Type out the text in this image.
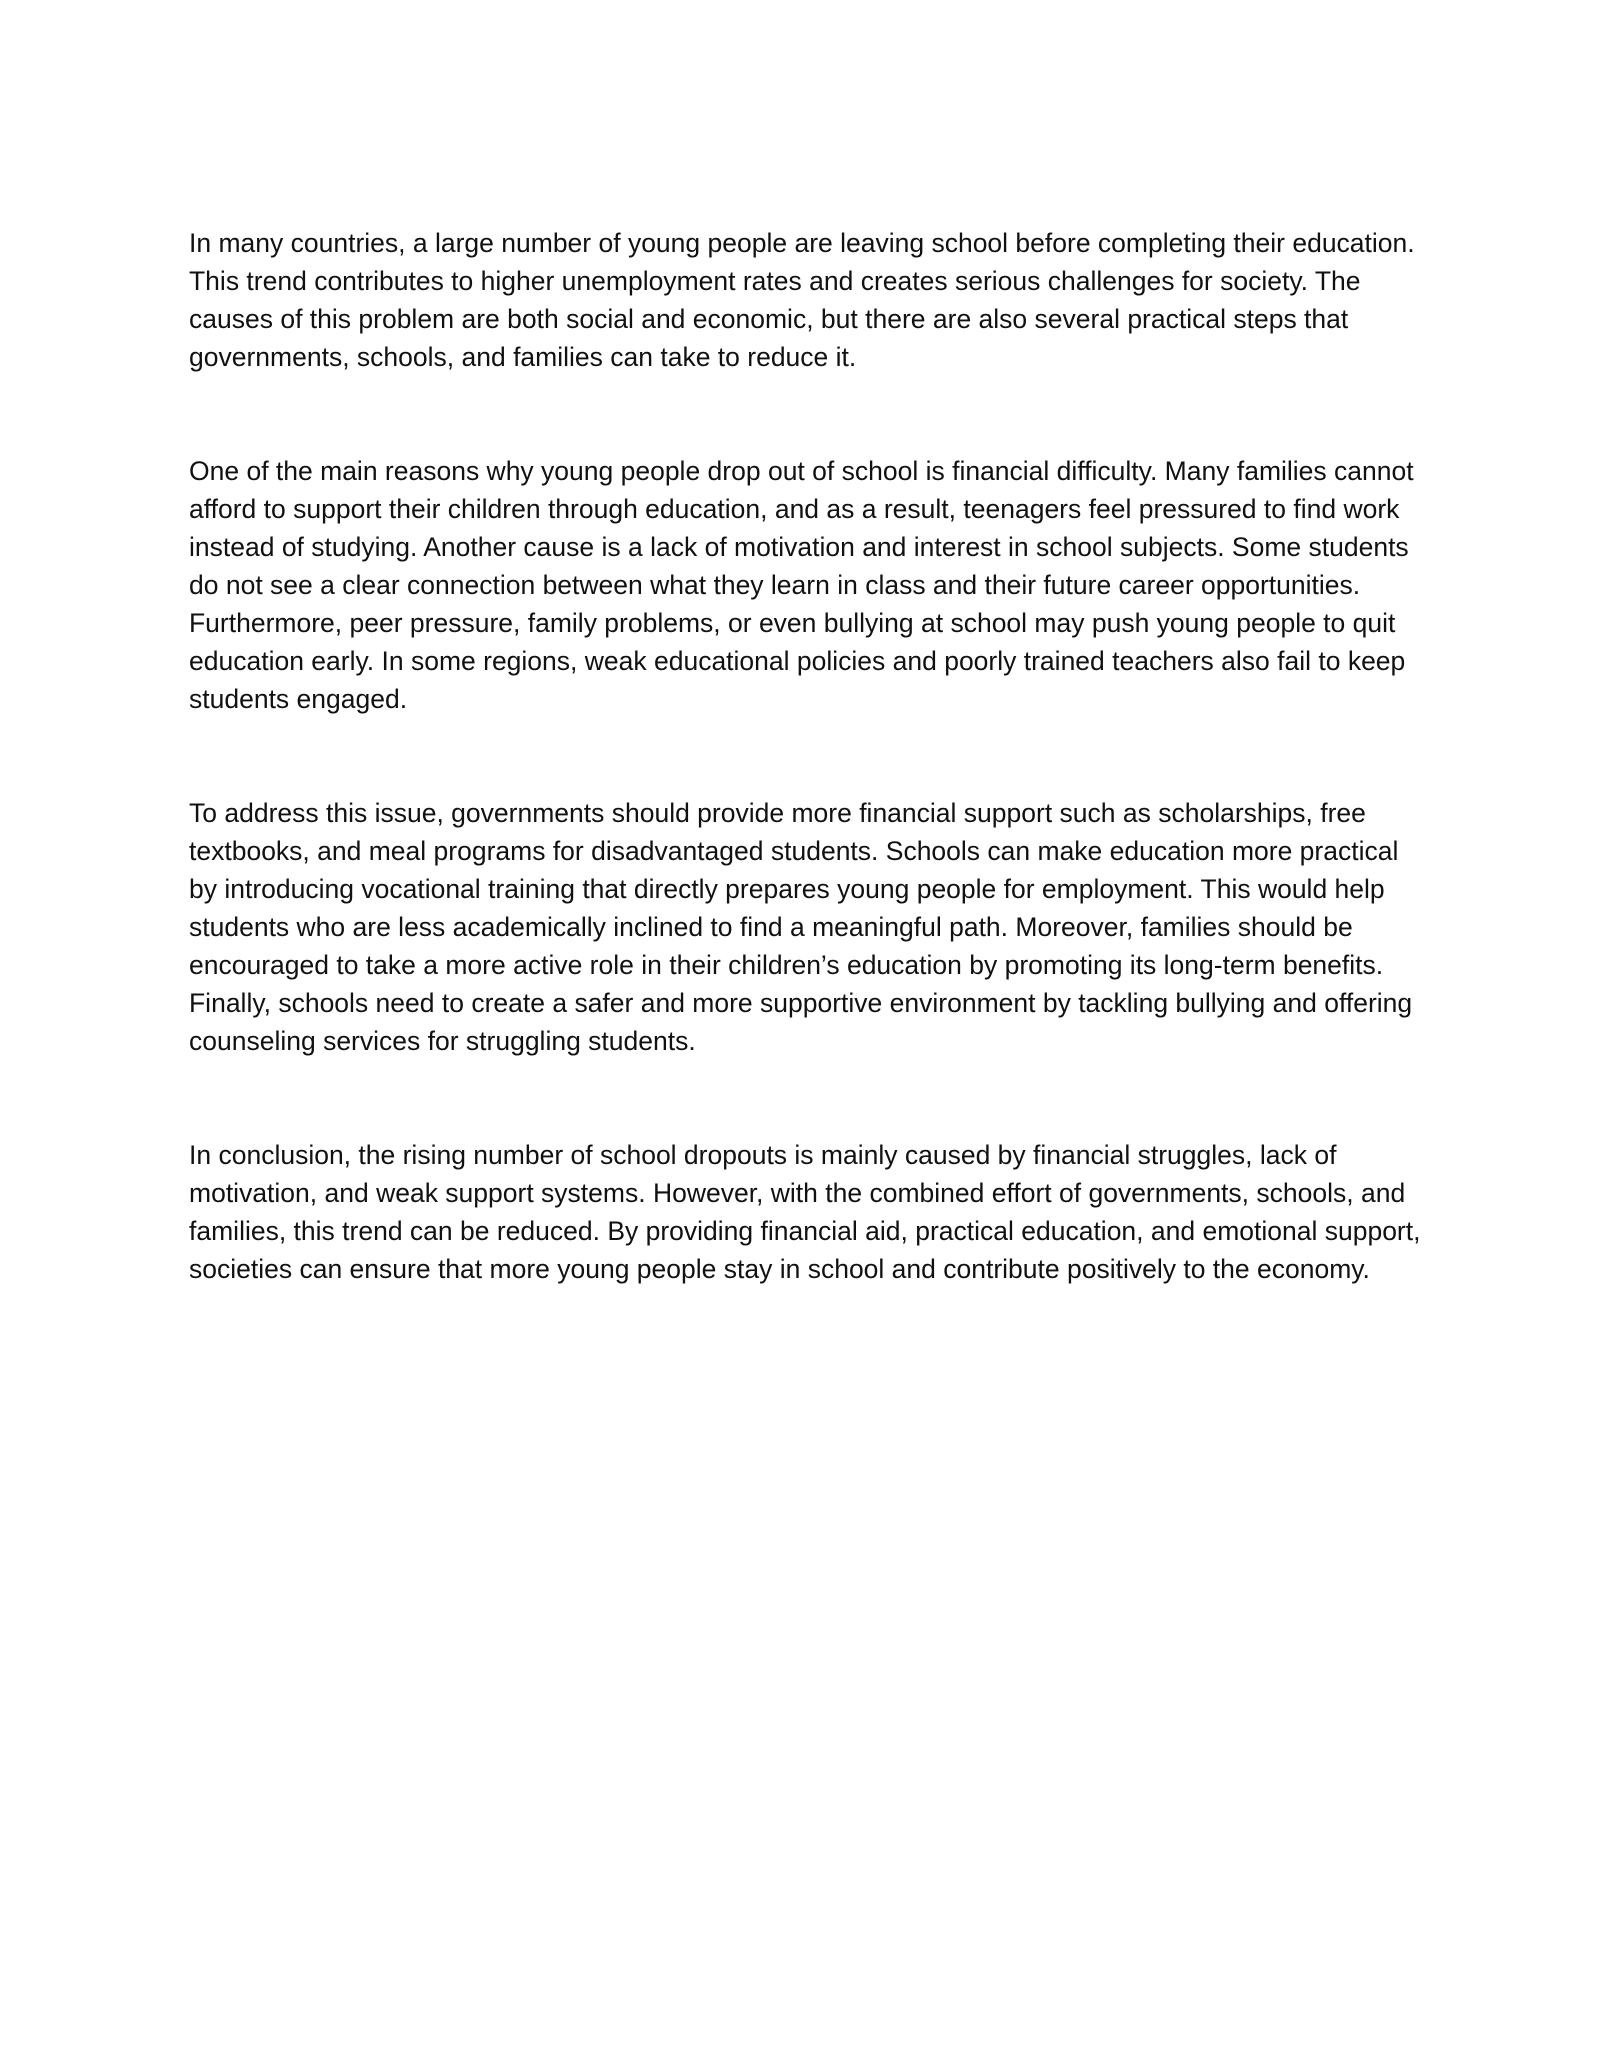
In many countries, a large number of young people are leaving school before completing their education. This trend contributes to higher unemployment rates and creates serious challenges for society. The causes of this problem are both social and economic, but there are also several practical steps that governments, schools, and families can take to reduce it.

One of the main reasons why young people drop out of school is financial difficulty. Many families cannot afford to support their children through education, and as a result, teenagers feel pressured to find work instead of studying. Another cause is a lack of motivation and interest in school subjects. Some students do not see a clear connection between what they learn in class and their future career opportunities. Furthermore, peer pressure, family problems, or even bullying at school may push young people to quit education early. In some regions, weak educational policies and poorly trained teachers also fail to keep students engaged.

To address this issue, governments should provide more financial support such as scholarships, free textbooks, and meal programs for disadvantaged students. Schools can make education more practical by introducing vocational training that directly prepares young people for employment. This would help students who are less academically inclined to find a meaningful path. Moreover, families should be encouraged to take a more active role in their children’s education by promoting its long-term benefits. Finally, schools need to create a safer and more supportive environment by tackling bullying and offering counseling services for struggling students.

In conclusion, the rising number of school dropouts is mainly caused by financial struggles, lack of motivation, and weak support systems. However, with the combined effort of governments, schools, and families, this trend can be reduced. By providing financial aid, practical education, and emotional support, societies can ensure that more young people stay in school and contribute positively to the economy.
